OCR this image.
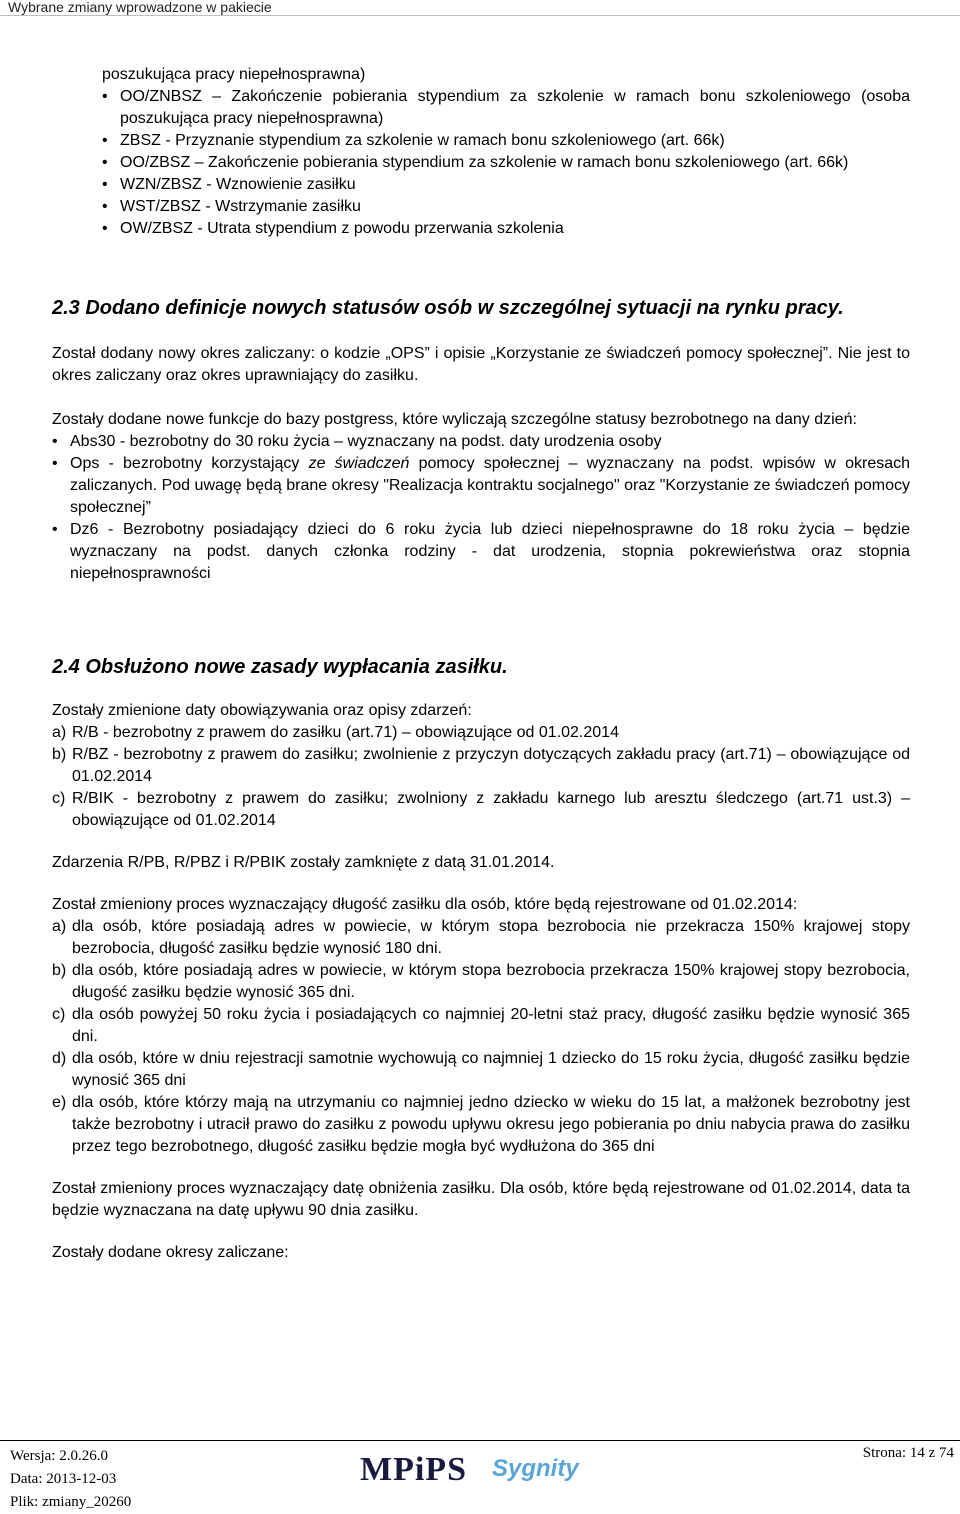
Wybrane zmiany wprowadzone w pakiecie
poszukująca pracy niepełnosprawna)
• OO/ZNBSZ – Zakończenie pobierania stypendium za szkolenie w ramach bonu szkoleniowego (osoba poszukująca pracy niepełnosprawna)
• ZBSZ - Przyznanie stypendium za szkolenie w ramach bonu szkoleniowego (art. 66k)
• OO/ZBSZ – Zakończenie pobierania stypendium za szkolenie w ramach bonu szkoleniowego (art. 66k)
• WZN/ZBSZ - Wznowienie zasiłku
• WST/ZBSZ - Wstrzymanie zasiłku
• OW/ZBSZ - Utrata stypendium z powodu przerwania szkolenia
2.3 Dodano definicje nowych statusów osób w szczególnej sytuacji na rynku pracy.

Został dodany nowy okres zaliczany: o kodzie „OPS” i opisie „Korzystanie ze świadczeń pomocy społecznej”. Nie jest to okres zaliczany oraz okres uprawniający do zasiłku.

Zostały dodane nowe funkcje do bazy postgress, które wyliczają szczególne statusy bezrobotnego na dany dzień:

• Abs30 - bezrobotny do 30 roku życia – wyznaczany na podst. daty urodzenia osoby
• Ops - bezrobotny korzystający ze świadczeń pomocy społecznej – wyznaczany na podst. wpisów w okresach zaliczanych. Pod uwagę będą brane okresy "Realizacja kontraktu socjalnego" oraz "Korzystanie ze świadczeń pomocy społecznej”
• Dz6 - Bezrobotny posiadający dzieci do 6 roku życia lub dzieci niepełnosprawne do 18 roku życia – będzie wyznaczany na podst. danych członka rodziny - dat urodzenia, stopnia pokrewieństwa oraz stopnia niepełnosprawności
2.4 Obsłużono nowe zasady wypłacania zasiłku.

Zostały zmienione daty obowiązywania oraz opisy zdarzeń:

a) R/B - bezrobotny z prawem do zasiłku (art.71) – obowiązujące od 01.02.2014
b) R/BZ - bezrobotny z prawem do zasiłku; zwolnienie z przyczyn dotyczących zakładu pracy (art.71) – obowiązujące od 01.02.2014
c) R/BIK - bezrobotny z prawem do zasiłku; zwolniony z zakładu karnego lub aresztu śledczego (art.71 ust.3) – obowiązujące od 01.02.2014

Zdarzenia R/PB, R/PBZ i R/PBIK zostały zamknięte z datą 31.01.2014.

Został zmieniony proces wyznaczający długość zasiłku dla osób, które będą rejestrowane od 01.02.2014:

a) dla osób, które posiadają adres w powiecie, w którym stopa bezrobocia nie przekracza 150% krajowej stopy bezrobocia, długość zasiłku będzie wynosić 180 dni.
b) dla osób, które posiadają adres w powiecie, w którym stopa bezrobocia przekracza 150% krajowej stopy bezrobocia, długość zasiłku będzie wynosić 365 dni.
c) dla osób powyżej 50 roku życia i posiadających co najmniej 20-letni staż pracy, długość zasiłku będzie wynosić 365 dni.
d) dla osób, które w dniu rejestracji samotnie wychowują co najmniej 1 dziecko do 15 roku życia, długość zasiłku będzie wynosić 365 dni
e) dla osób, które którzy mają na utrzymaniu co najmniej jedno dziecko w wieku do 15 lat, a małżonek bezrobotny jest także bezrobotny i utracił prawo do zasiłku z powodu upływu okresu jego pobierania po dniu nabycia prawa do zasiłku przez tego bezrobotnego, długość zasiłku będzie mogła być wydłużona do 365 dni

Został zmieniony proces wyznaczający datę obniżenia zasiłku. Dla osób, które będą rejestrowane od 01.02.2014, data ta będzie wyznaczana na datę upływu 90 dnia zasiłku.

Zostały dodane okresy zaliczane:

Wersja: 2.0.26.0
Data: 2013-12-03
Plik: zmiany_20260
MPiPS Sygnity
Strona: 14 z 74
